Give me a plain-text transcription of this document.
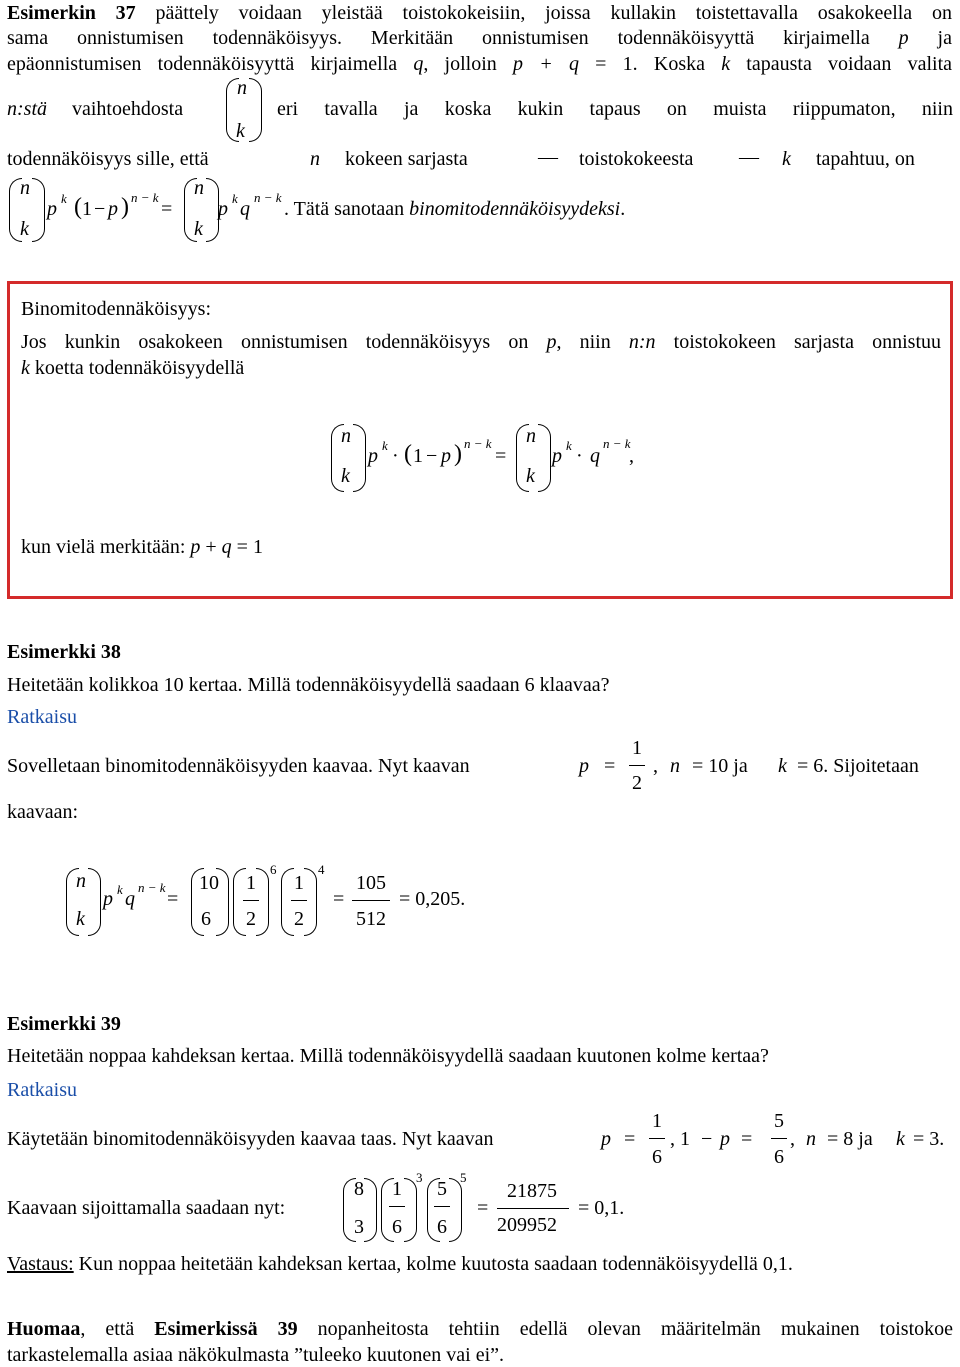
Esimerkin 37 päättely voidaan yleistää toistokokeisiin, joissa kullakin toistettavalla osakokeella on
sama onnistumisen todennäköisyys. Merkitään onnistumisen todennäköisyyttä kirjaimella p ja
epäonnistumisen todennäköisyyttä kirjaimella q, jolloin p + q = 1. Koska k tapausta voidaan valita
n:stä vaihtoehdosta
n
k
eri tavalla ja koska kukin tapaus on muista riippumaton, niin
todennäköisyys sille, että	n kokeen sarjasta	— toistokokeesta — k tapahtuu, on
n
k
p k ( 1 − p ) n − k
=
n
k
p k q
n − k
. Tätä sanotaan binomitodennäköisyydeksi.
Binomitodennäköisyys:
Jos kunkin osakokeen onnistumisen todennäköisyys on p, niin n:n toistokokeen sarjasta onnistuu
k koetta todennäköisyydellä
n
k
p k · ( 1 − p ) n − k
=
n
k
p k · q
n − k
,
kun vielä merkitään: p + q = 1
Esimerkki 38
Heitetään kolikkoa 10 kertaa. Millä todennäköisyydellä saadaan 6 klaavaa?
Ratkaisu
Sovelletaan binomitodennäköisyyden kaavaa. Nyt kaavan	p =
1
2
, n = 10 ja k = 6. Sijoitetaan
kaavaan:
n
k
p k q
n − k
=
10
6
1
2
6
1
2
4
=
105
512
= 0,205.
Esimerkki 39
Heitetään noppaa kahdeksan kertaa. Millä todennäköisyydellä saadaan kuutonen kolme kertaa?
Ratkaisu
Käytetään binomitodennäköisyyden kaavaa taas. Nyt kaavan	p =
1
6
, 1 − p =
5
6
, n = 8 ja k = 3.
Kaavaan sijoittamalla saadaan nyt:
8
3
1
6
3
5
6
5
=
21875
209952
= 0,1.
Vastaus: Kun noppaa heitetään kahdeksan kertaa, kolme kuutosta saadaan todennäköisyydellä 0,1.
Huomaa, että Esimerkissä 39 nopanheitosta tehtiin edellä olevan määritelmän mukainen toistokoe
tarkastelemalla asiaa näkökulmasta ”tuleeko kuutonen vai ei”.
